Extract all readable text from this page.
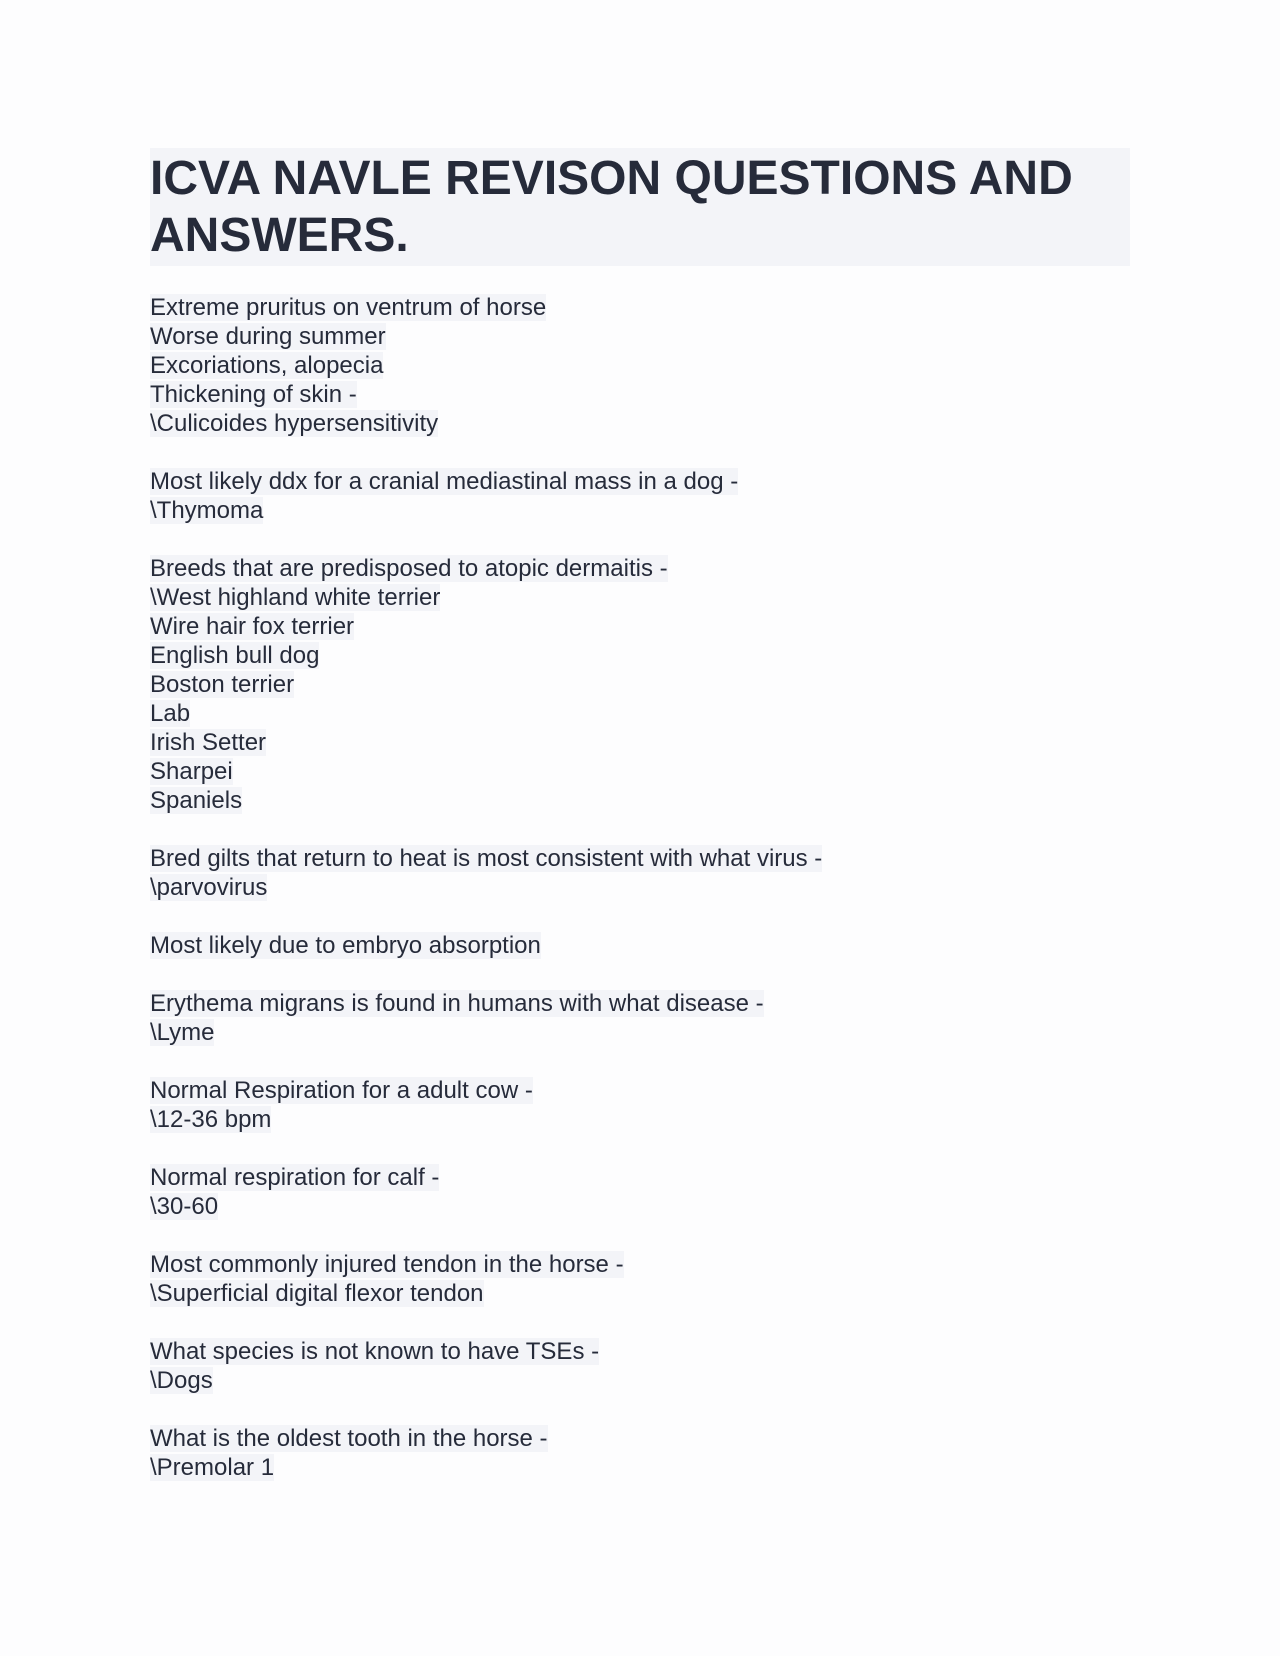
ICVA NAVLE REVISON QUESTIONS AND ANSWERS.
Extreme pruritus on ventrum of horse
Worse during summer
Excoriations, alopecia
Thickening of skin -
\Culicoides hypersensitivity
Most likely ddx for a cranial mediastinal mass in a dog -
\Thymoma
Breeds that are predisposed to atopic dermaitis -
\West highland white terrier
Wire hair fox terrier
English bull dog
Boston terrier
Lab
Irish Setter
Sharpei
Spaniels
Bred gilts that return to heat is most consistent with what virus -
\parvovirus
Most likely due to embryo absorption
Erythema migrans is found in humans with what disease -
\Lyme
Normal Respiration for a adult cow -
\12-36 bpm
Normal respiration for calf -
\30-60
Most commonly injured tendon in the horse -
\Superficial digital flexor tendon
What species is not known to have TSEs -
\Dogs
What is the oldest tooth in the horse -
\Premolar 1
